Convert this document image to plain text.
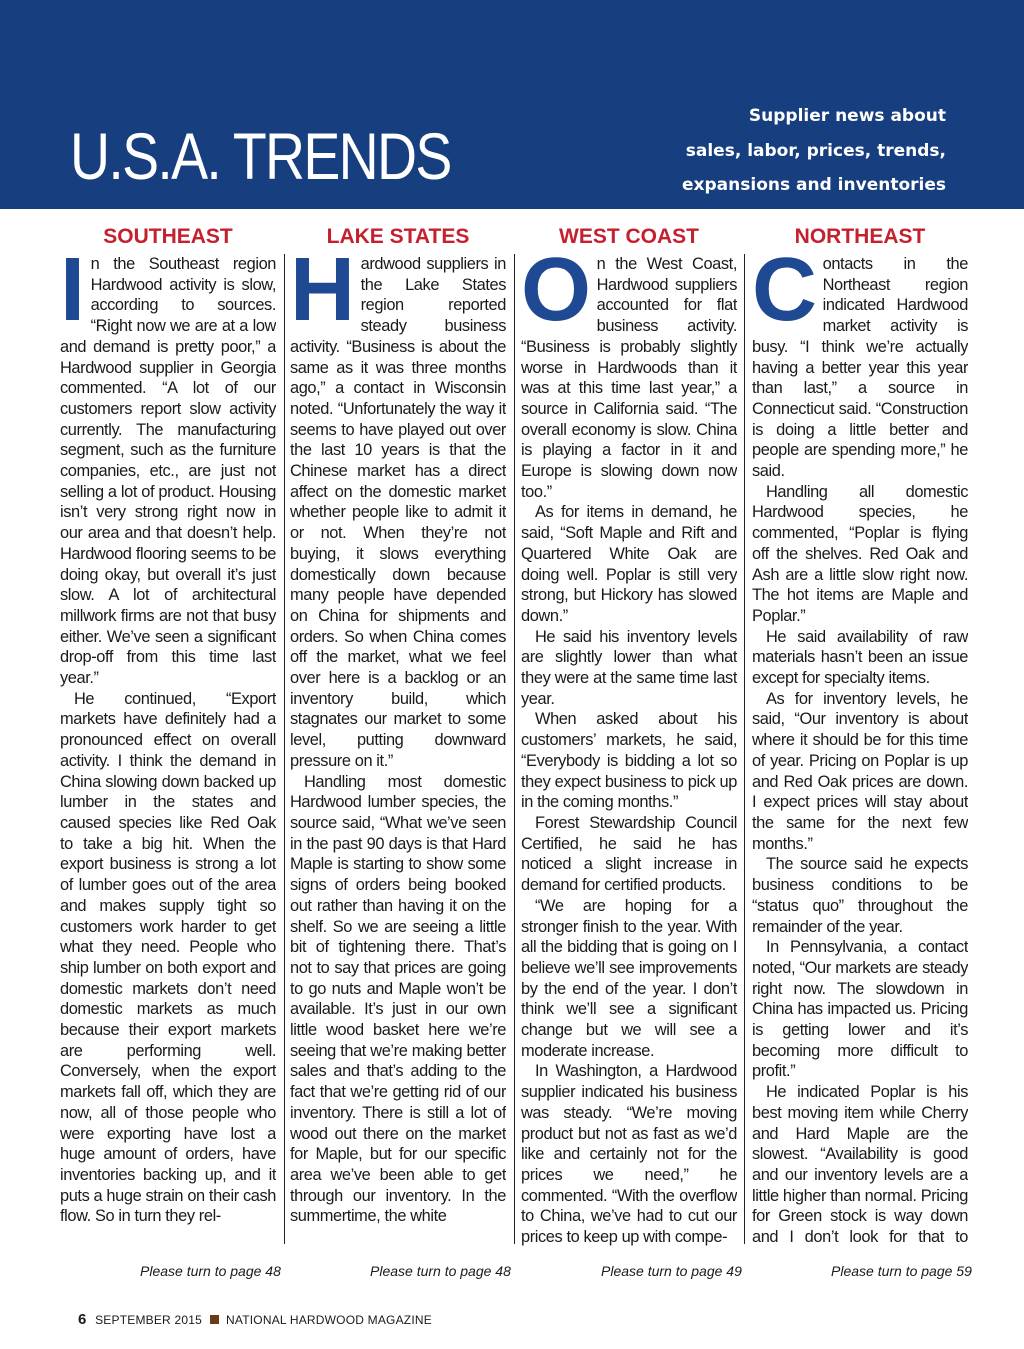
U.S.A. TRENDS
Supplier news about
sales, labor, prices, trends,
expansions and inventories
SOUTHEAST

In the Southeast region Hardwood activity is slow, according to sources. “Right now we are at a low and demand is pretty poor,” a Hardwood supplier in Georgia commented. “A lot of our customers report slow activity currently. The manufacturing segment, such as the furniture companies, etc., are just not selling a lot of product. Housing isn’t very strong right now in our area and that doesn’t help. Hardwood flooring seems to be doing okay, but overall it’s just slow. A lot of architectural millwork firms are not that busy either. We’ve seen a significant drop-off from this time last year.”

He continued, “Export markets have definitely had a pronounced effect on overall activity. I think the demand in China slowing down backed up lumber in the states and caused species like Red Oak to take a big hit. When the export business is strong a lot of lumber goes out of the area and makes supply tight so customers work harder to get what they need. People who ship lumber on both export and domestic markets don’t need domestic markets as much because their export markets are performing well. Conversely, when the export markets fall off, which they are now, all of those people who were exporting have lost a huge amount of orders, have inventories backing up, and it puts a huge strain on their cash flow. So in turn they rel-

Please turn to page 48
LAKE STATES

Hardwood suppliers in the Lake States region reported steady business activity. “Business is about the same as it was three months ago,” a contact in Wisconsin noted. “Unfortunately the way it seems to have played out over the last 10 years is that the Chinese market has a direct affect on the domestic market whether people like to admit it or not. When they’re not buying, it slows everything domestically down because many people have depended on China for shipments and orders. So when China comes off the market, what we feel over here is a backlog or an inventory build, which stagnates our market to some level, putting downward pressure on it.”

Handling most domestic Hardwood lumber species, the source said, “What we’ve seen in the past 90 days is that Hard Maple is starting to show some signs of orders being booked out rather than having it on the shelf. So we are seeing a little bit of tightening there. That’s not to say that prices are going to go nuts and Maple won’t be available. It’s just in our own little wood basket here we’re seeing that we’re making better sales and that’s adding to the fact that we’re getting rid of our inventory. There is still a lot of wood out there on the market for Maple, but for our specific area we’ve been able to get through our inventory. In the summertime, the white

Please turn to page 48
WEST COAST

On the West Coast, Hardwood suppliers accounted for flat business activity. “Business is probably slightly worse in Hardwoods than it was at this time last year,” a source in California said. “The overall economy is slow. China is playing a factor in it and Europe is slowing down now too.”

As for items in demand, he said, “Soft Maple and Rift and Quartered White Oak are doing well. Poplar is still very strong, but Hickory has slowed down.”

He said his inventory levels are slightly lower than what they were at the same time last year.

When asked about his customers’ markets, he said, “Everybody is bidding a lot so they expect business to pick up in the coming months.”

Forest Stewardship Council Certified, he said he has noticed a slight increase in demand for certified products.

“We are hoping for a stronger finish to the year. With all the bidding that is going on I believe we’ll see improvements by the end of the year. I don’t think we’ll see a significant change but we will see a moderate increase.

In Washington, a Hardwood supplier indicated his business was steady. “We’re moving product but not as fast as we’d like and certainly not for the prices we need,” he commented. “With the overflow to China, we’ve had to cut our prices to keep up with compe-

Please turn to page 49
NORTHEAST

Contacts in the Northeast region indicated Hardwood market activity is busy. “I think we’re actually having a better year this year than last,” a source in Connecticut said. “Construction is doing a little better and people are spending more,” he said.

Handling all domestic Hardwood species, he commented, “Poplar is flying off the shelves. Red Oak and Ash are a little slow right now. The hot items are Maple and Poplar.”

He said availability of raw materials hasn’t been an issue except for specialty items.

As for inventory levels, he said, “Our inventory is about where it should be for this time of year. Pricing on Poplar is up and Red Oak prices are down. I expect prices will stay about the same for the next few months.”

The source said he expects business conditions to be “status quo” throughout the remainder of the year.

In Pennsylvania, a contact noted, “Our markets are steady right now. The slowdown in China has impacted us. Pricing is getting lower and it’s becoming more difficult to profit.”

He indicated Poplar is his best moving item while Cherry and Hard Maple are the slowest. “Availability is good and our inventory levels are a little higher than normal. Pricing for Green stock is way down and I don’t look for that to

Please turn to page 59
6 SEPTEMBER 2015 NATIONAL HARDWOOD MAGAZINE
